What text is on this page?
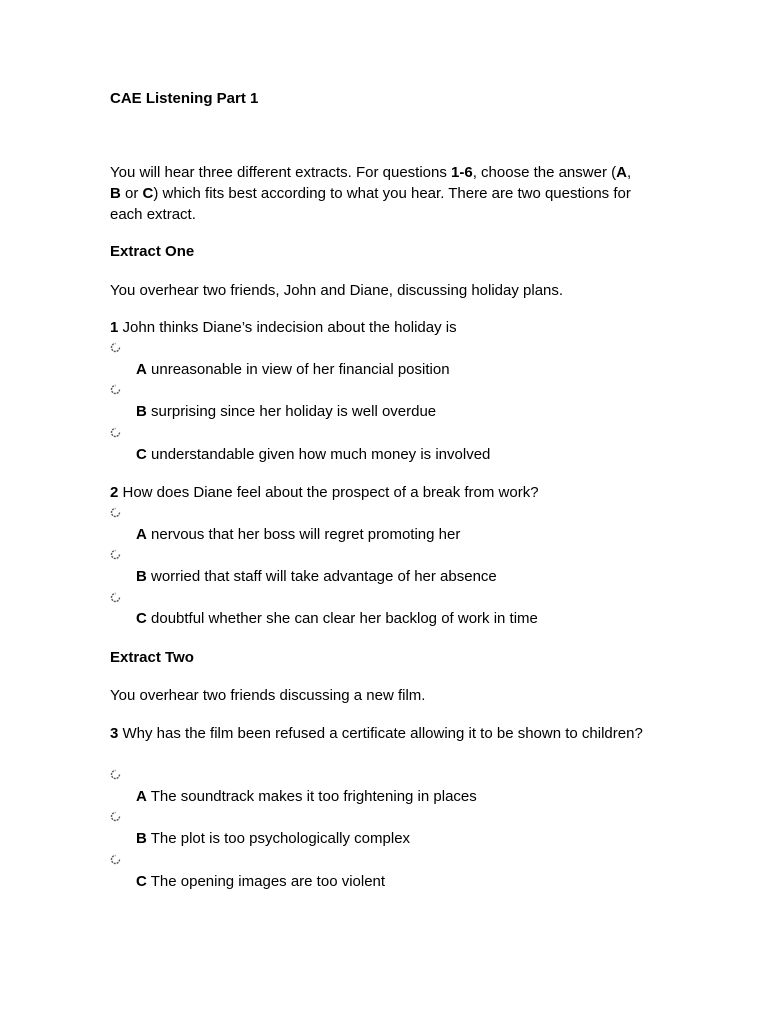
CAE Listening Part 1
You will hear three different extracts. For questions 1-6, choose the answer (A, B or C) which fits best according to what you hear. There are two questions for each extract.
Extract One
You overhear two friends, John and Diane, discussing holiday plans.
1 John thinks Diane’s indecision about the holiday is
A unreasonable in view of her financial position
B surprising since her holiday is well overdue
C understandable given how much money is involved
2 How does Diane feel about the prospect of a break from work?
A nervous that her boss will regret promoting her
B worried that staff will take advantage of her absence
C doubtful whether she can clear her backlog of work in time
Extract Two
You overhear two friends discussing a new film.
3 Why has the film been refused a certificate allowing it to be shown to children?
A The soundtrack makes it too frightening in places
B The plot is too psychologically complex
C The opening images are too violent
